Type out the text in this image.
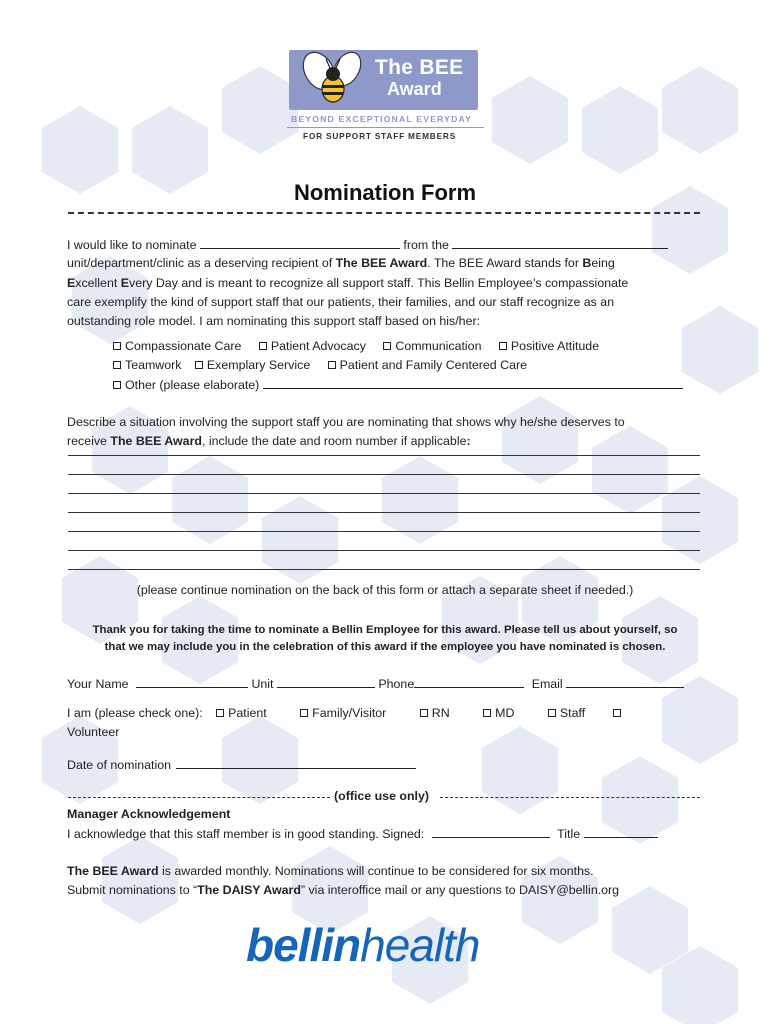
The BEE
Award
BEYOND EXCEPTIONAL EVERYDAY
FOR SUPPORT STAFF MEMBERS
Nomination Form
I would like to nominate	from the
unit/department/clinic as a deserving recipient of The BEE Award. The BEE Award stands for Being
Excellent Every Day and is meant to recognize all support staff. This Bellin Employee’s compassionate
care exemplify the kind of support staff that our patients, their families, and our staff recognize as an
outstanding role model. I am nominating this support staff based on his/her:
Compassionate Care Patient Advocacy Communication Positive Attitude
Teamwork Exemplary Service Patient and Family Centered Care
Other (please elaborate)
Describe a situation involving the support staff you are nominating that shows why he/she deserves to
receive The BEE Award, include the date and room number if applicable:
(please continue nomination on the back of this form or attach a separate sheet if needed.)
Thank you for taking the time to nominate a Bellin Employee for this award. Please tell us about yourself, so
that we may include you in the celebration of this award if the employee you have nominated is chosen.
Your Name	Unit	Phone	Email
I am (please check one): Patient	Family/Visitor	RN	MD	Staff
Volunteer
Date of nomination
(office use only)
Manager Acknowledgement
I acknowledge that this staff member is in good standing. Signed:	Title
The BEE Award is awarded monthly. Nominations will continue to be considered for six months.
Submit nominations to “The DAISY Award” via interoffice mail or any questions to DAISY@bellin.org
bellinhealth
